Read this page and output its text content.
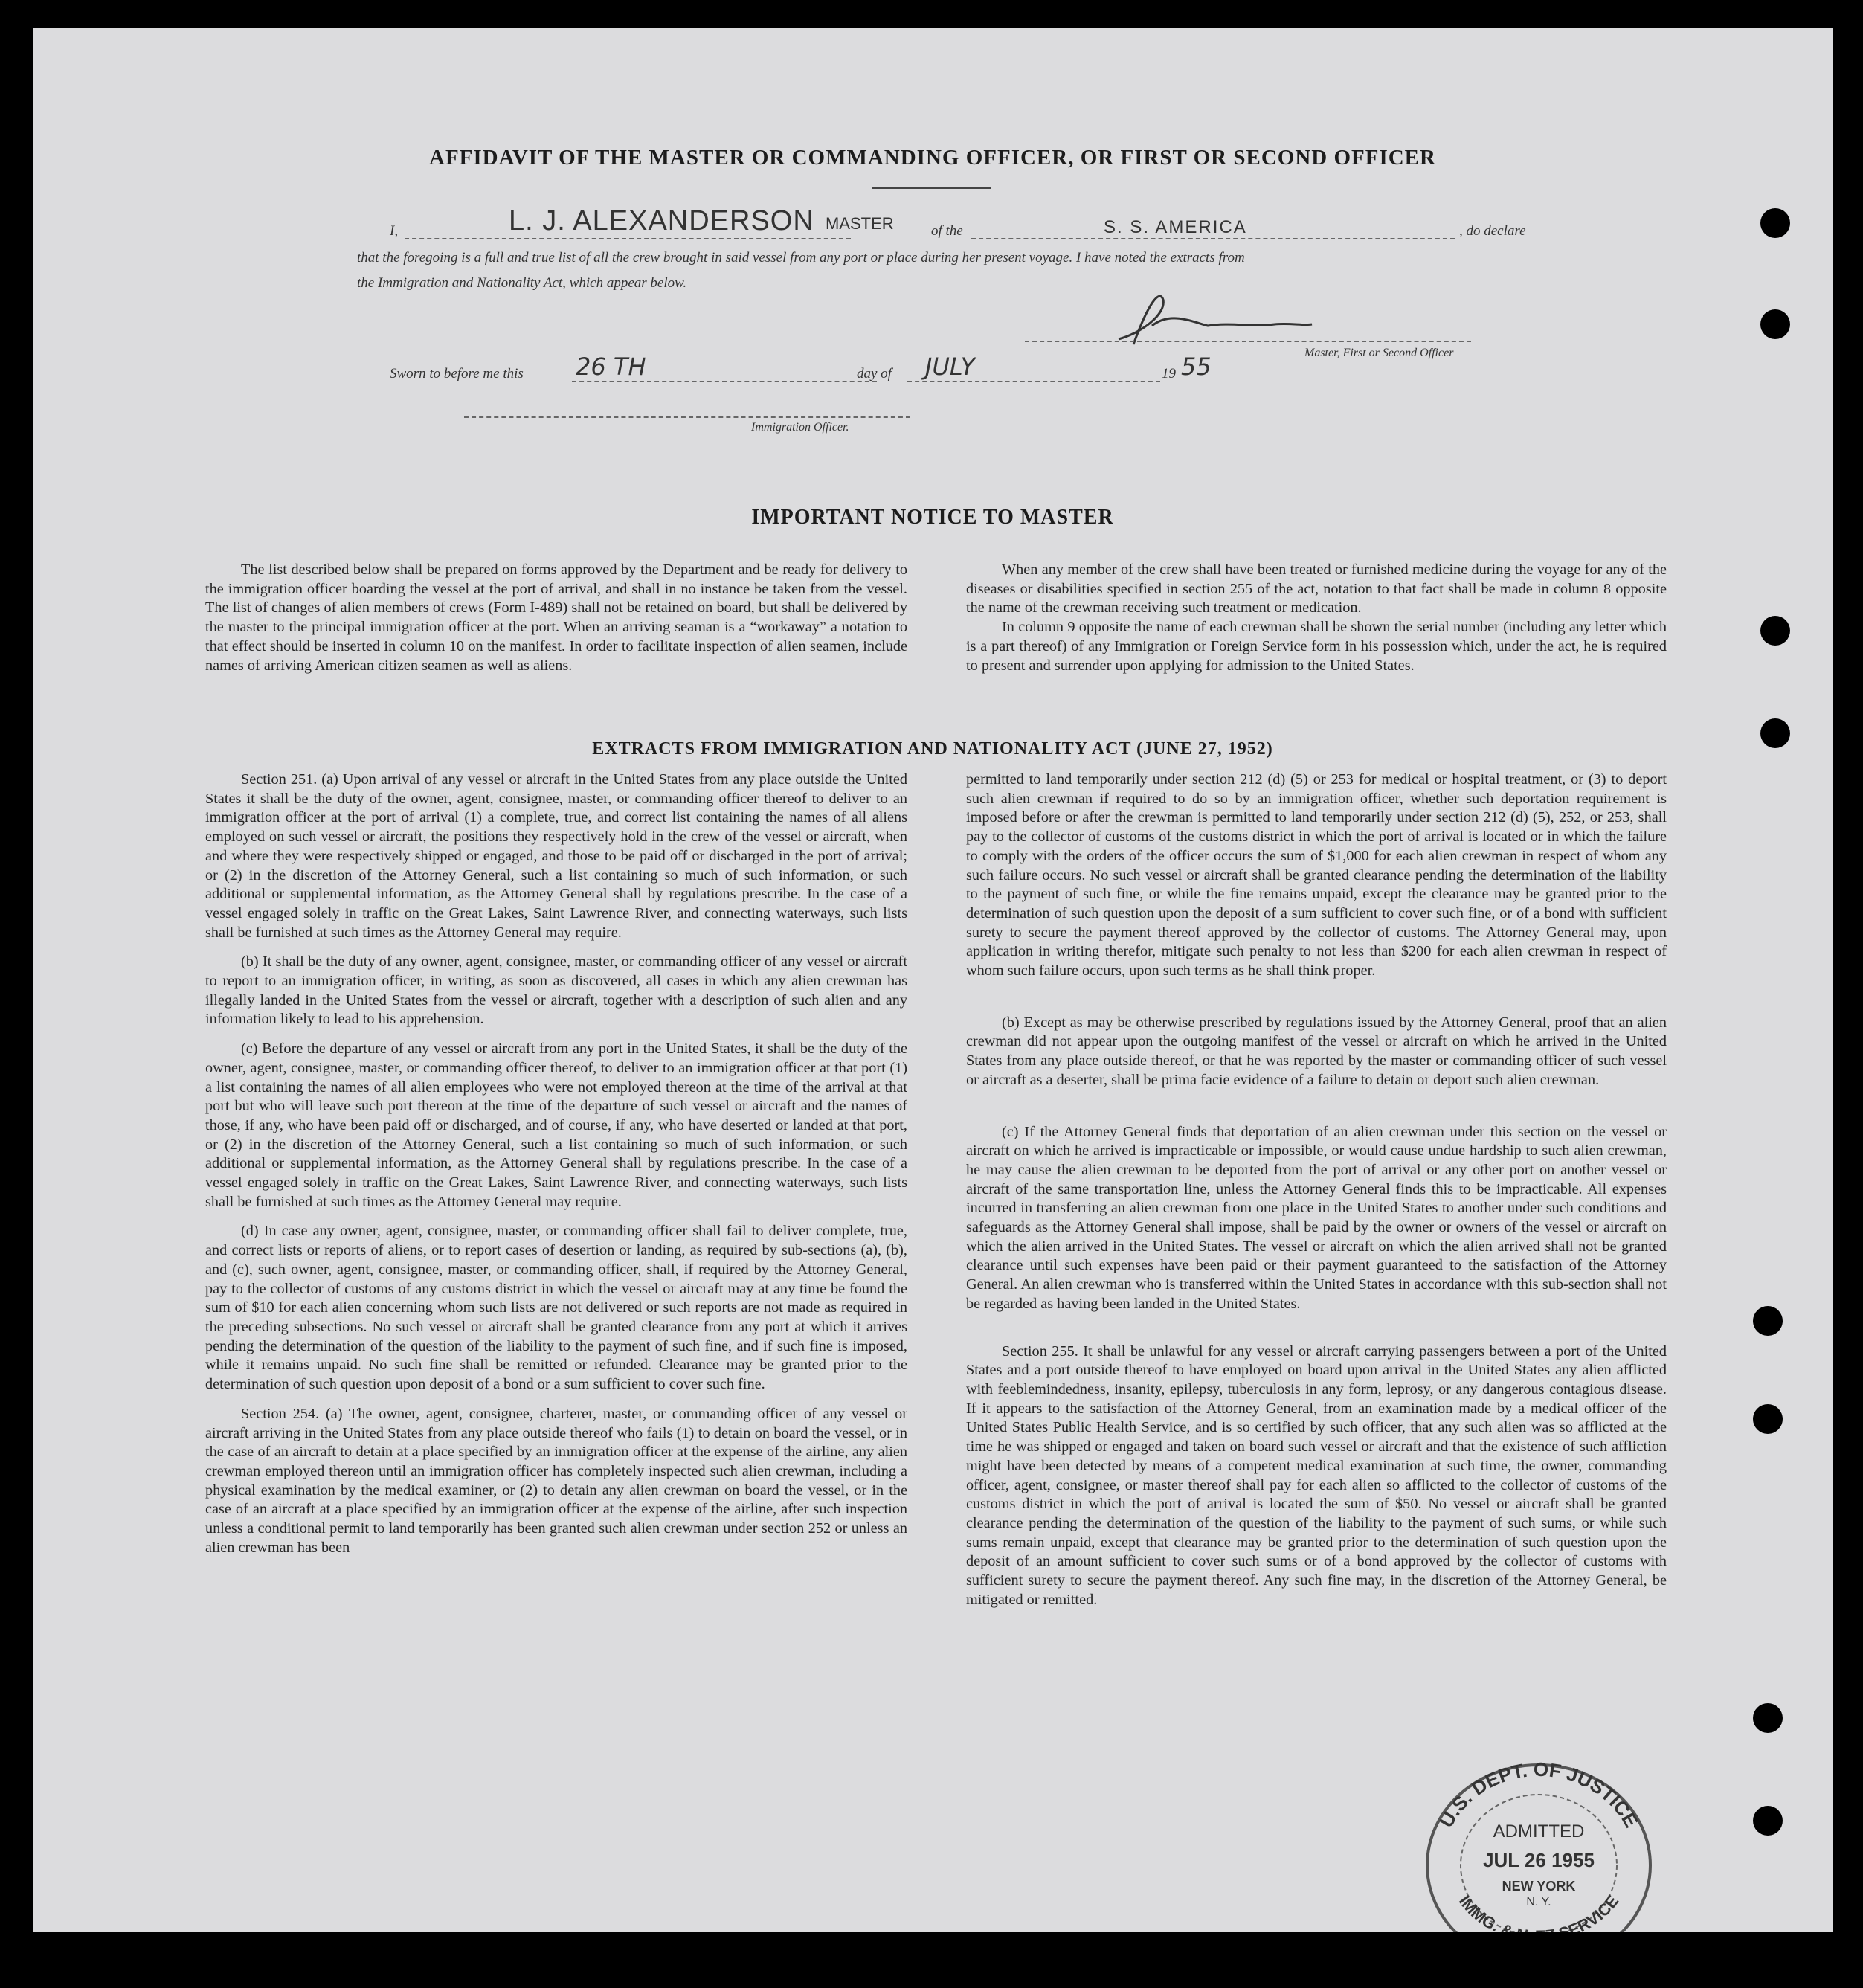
AFFIDAVIT OF THE MASTER OR COMMANDING OFFICER, OR FIRST OR SECOND OFFICER
I,	L. J. ALEXANDERSON MASTER	of the	S. S. AMERICA	, do declare
that the foregoing is a full and true list of all the crew brought in said vessel from any port or place during her present voyage. I have noted the extracts from
the Immigration and Nationality Act, which appear below.
Master, First or Second Officer
Sworn to before me this 26 TH	day of JULY	19 55
Immigration Officer.
IMPORTANT NOTICE TO MASTER

The list described below shall be prepared on forms approved by the Department and be ready for delivery to the immigration officer boarding the vessel at the port of arrival, and shall in no instance be taken from the vessel. The list of changes of alien members of crews (Form I-489) shall not be retained on board, but shall be delivered by the master to the principal immigration officer at the port. When an arriving seaman is a “workaway” a notation to that effect should be inserted in column 10 on the manifest. In order to facilitate inspection of alien seamen, include names of arriving American citizen seamen as well as aliens.

When any member of the crew shall have been treated or furnished medicine during the voyage for any of the diseases or disabilities specified in section 255 of the act, notation to that fact shall be made in column 8 opposite the name of the crewman receiving such treatment or medication.

In column 9 opposite the name of each crewman shall be shown the serial number (including any letter which is a part thereof) of any Immigration or Foreign Service form in his possession which, under the act, he is required to present and surrender upon applying for admission to the United States.

EXTRACTS FROM IMMIGRATION AND NATIONALITY ACT (JUNE 27, 1952)

Section 251. (a) Upon arrival of any vessel or aircraft in the United States from any place outside the United States it shall be the duty of the owner, agent, consignee, master, or commanding officer thereof to deliver to an immigration officer at the port of arrival (1) a complete, true, and correct list containing the names of all aliens employed on such vessel or aircraft, the positions they respectively hold in the crew of the vessel or aircraft, when and where they were respectively shipped or engaged, and those to be paid off or discharged in the port of arrival; or (2) in the discretion of the Attorney General, such a list containing so much of such information, or such additional or supplemental information, as the Attorney General shall by regulations prescribe. In the case of a vessel engaged solely in traffic on the Great Lakes, Saint Lawrence River, and connecting waterways, such lists shall be furnished at such times as the Attorney General may require.

(b) It shall be the duty of any owner, agent, consignee, master, or commanding officer of any vessel or aircraft to report to an immigration officer, in writing, as soon as discovered, all cases in which any alien crewman has illegally landed in the United States from the vessel or aircraft, together with a description of such alien and any information likely to lead to his apprehension.

(c) Before the departure of any vessel or aircraft from any port in the United States, it shall be the duty of the owner, agent, consignee, master, or commanding officer thereof, to deliver to an immigration officer at that port (1) a list containing the names of all alien employees who were not employed thereon at the time of the arrival at that port but who will leave such port thereon at the time of the departure of such vessel or aircraft and the names of those, if any, who have been paid off or discharged, and of course, if any, who have deserted or landed at that port, or (2) in the discretion of the Attorney General, such a list containing so much of such information, or such additional or supplemental information, as the Attorney General shall by regulations prescribe. In the case of a vessel engaged solely in traffic on the Great Lakes, Saint Lawrence River, and connecting waterways, such lists shall be furnished at such times as the Attorney General may require.

(d) In case any owner, agent, consignee, master, or commanding officer shall fail to deliver complete, true, and correct lists or reports of aliens, or to report cases of desertion or landing, as required by sub-sections (a), (b), and (c), such owner, agent, consignee, master, or commanding officer, shall, if required by the Attorney General, pay to the collector of customs of any customs district in which the vessel or aircraft may at any time be found the sum of $10 for each alien concerning whom such lists are not delivered or such reports are not made as required in the preceding subsections. No such vessel or aircraft shall be granted clearance from any port at which it arrives pending the determination of the question of the liability to the payment of such fine, and if such fine is imposed, while it remains unpaid. No such fine shall be remitted or refunded. Clearance may be granted prior to the determination of such question upon deposit of a bond or a sum sufficient to cover such fine.

Section 254. (a) The owner, agent, consignee, charterer, master, or commanding officer of any vessel or aircraft arriving in the United States from any place outside thereof who fails (1) to detain on board the vessel, or in the case of an aircraft to detain at a place specified by an immigration officer at the expense of the airline, any alien crewman employed thereon until an immigration officer has completely inspected such alien crewman, including a physical examination by the medical examiner, or (2) to detain any alien crewman on board the vessel, or in the case of an aircraft at a place specified by an immigration officer at the expense of the airline, after such inspection unless a conditional permit to land temporarily has been granted such alien crewman under section 252 or unless an alien crewman has been

permitted to land temporarily under section 212 (d) (5) or 253 for medical or hospital treatment, or (3) to deport such alien crewman if required to do so by an immigration officer, whether such deportation requirement is imposed before or after the crewman is permitted to land temporarily under section 212 (d) (5), 252, or 253, shall pay to the collector of customs of the customs district in which the port of arrival is located or in which the failure to comply with the orders of the officer occurs the sum of $1,000 for each alien crewman in respect of whom any such failure occurs. No such vessel or aircraft shall be granted clearance pending the determination of the liability to the payment of such fine, or while the fine remains unpaid, except the clearance may be granted prior to the determination of such question upon the deposit of a sum sufficient to cover such fine, or of a bond with sufficient surety to secure the payment thereof approved by the collector of customs. The Attorney General may, upon application in writing therefor, mitigate such penalty to not less than $200 for each alien crewman in respect of whom such failure occurs, upon such terms as he shall think proper.

(b) Except as may be otherwise prescribed by regulations issued by the Attorney General, proof that an alien crewman did not appear upon the outgoing manifest of the vessel or aircraft on which he arrived in the United States from any place outside thereof, or that he was reported by the master or commanding officer of such vessel or aircraft as a deserter, shall be prima facie evidence of a failure to detain or deport such alien crewman.

(c) If the Attorney General finds that deportation of an alien crewman under this section on the vessel or aircraft on which he arrived is impracticable or impossible, or would cause undue hardship to such alien crewman, he may cause the alien crewman to be deported from the port of arrival or any other port on another vessel or aircraft of the same transportation line, unless the Attorney General finds this to be impracticable. All expenses incurred in transferring an alien crewman from one place in the United States to another under such conditions and safeguards as the Attorney General shall impose, shall be paid by the owner or owners of the vessel or aircraft on which the alien arrived in the United States. The vessel or aircraft on which the alien arrived shall not be granted clearance until such expenses have been paid or their payment guaranteed to the satisfaction of the Attorney General. An alien crewman who is transferred within the United States in accordance with this sub-section shall not be regarded as having been landed in the United States.

Section 255. It shall be unlawful for any vessel or aircraft carrying passengers between a port of the United States and a port outside thereof to have employed on board upon arrival in the United States any alien afflicted with feeblemindedness, insanity, epilepsy, tuberculosis in any form, leprosy, or any dangerous contagious disease. If it appears to the satisfaction of the Attorney General, from an examination made by a medical officer of the United States Public Health Service, and is so certified by such officer, that any such alien was so afflicted at the time he was shipped or engaged and taken on board such vessel or aircraft and that the existence of such affliction might have been detected by means of a competent medical examination at such time, the owner, commanding officer, agent, consignee, or master thereof shall pay for each alien so afflicted to the collector of customs of the customs district in which the port of arrival is located the sum of $50. No vessel or aircraft shall be granted clearance pending the determination of the question of the liability to the payment of such sums, or while such sums remain unpaid, except that clearance may be granted prior to the determination of such question upon the deposit of an amount sufficient to cover such sums or of a bond approved by the collector of customs with sufficient surety to secure the payment thereof. Any such fine may, in the discretion of the Attorney General, be mitigated or remitted.

U.S. DEPT. OF JUSTICE
IMMG. & N. TZ SERVICE
ADMITTED
JUL 26 1955
NEW YORK
N. Y.
